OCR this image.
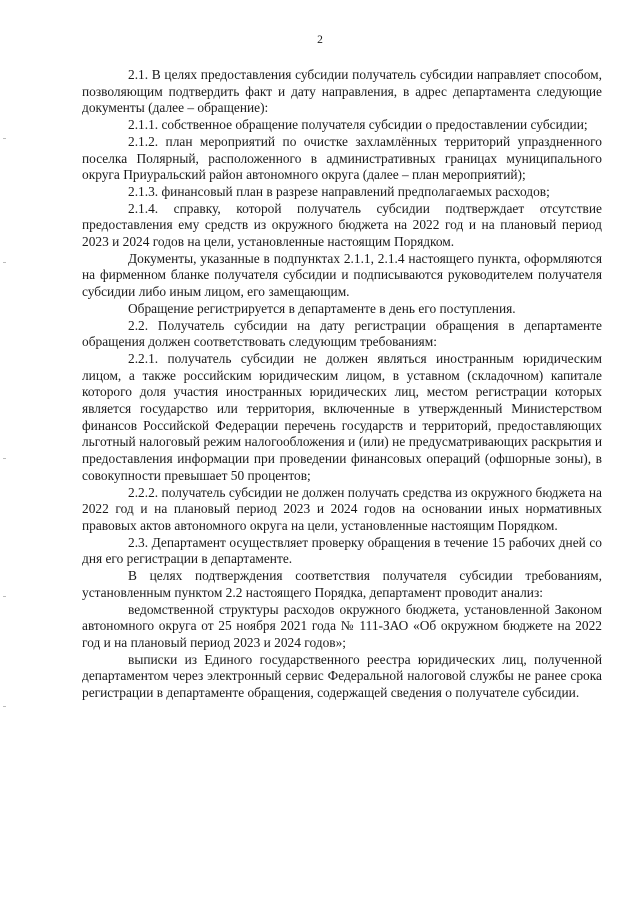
2

2.1. В целях предоставления субсидии получатель субсидии направляет способом, позволяющим подтвердить факт и дату направления, в адрес департамента следующие документы (далее – обращение):

2.1.1. собственное обращение получателя субсидии о предоставлении субсидии;

2.1.2. план мероприятий по очистке захламлённых территорий упраздненного поселка Полярный, расположенного в административных границах муниципального округа Приуральский район автономного округа (далее – план мероприятий);

2.1.3. финансовый план в разрезе направлений предполагаемых расходов;

2.1.4. справку, которой получатель субсидии подтверждает отсутствие предоставления ему средств из окружного бюджета на 2022 год и на плановый период 2023 и 2024 годов на цели, установленные настоящим Порядком.

Документы, указанные в подпунктах 2.1.1, 2.1.4 настоящего пункта, оформляются на фирменном бланке получателя субсидии и подписываются руководителем получателя субсидии либо иным лицом, его замещающим.

Обращение регистрируется в департаменте в день его поступления.

2.2. Получатель субсидии на дату регистрации обращения в департаменте обращения должен соответствовать следующим требованиям:

2.2.1. получатель субсидии не должен являться иностранным юридическим лицом, а также российским юридическим лицом, в уставном (складочном) капитале которого доля участия иностранных юридических лиц, местом регистрации которых является государство или территория, включенные в утвержденный Министерством финансов Российской Федерации перечень государств и территорий, предоставляющих льготный налоговый режим налогообложения и (или) не предусматривающих раскрытия и предоставления информации при проведении финансовых операций (офшорные зоны), в совокупности превышает 50 процентов;

2.2.2. получатель субсидии не должен получать средства из окружного бюджета на 2022 год и на плановый период 2023 и 2024 годов на основании иных нормативных правовых актов автономного округа на цели, установленные настоящим Порядком.

2.3. Департамент осуществляет проверку обращения в течение 15 рабочих дней со дня его регистрации в департаменте.

В целях подтверждения соответствия получателя субсидии требованиям, установленным пунктом 2.2 настоящего Порядка, департамент проводит анализ:

ведомственной структуры расходов окружного бюджета, установленной Законом автономного округа от 25 ноября 2021 года № 111-ЗАО «Об окружном бюджете на 2022 год и на плановый период 2023 и 2024 годов»;

выписки из Единого государственного реестра юридических лиц, полученной департаментом через электронный сервис Федеральной налоговой службы не ранее срока регистрации в департаменте обращения, содержащей сведения о получателе субсидии.
